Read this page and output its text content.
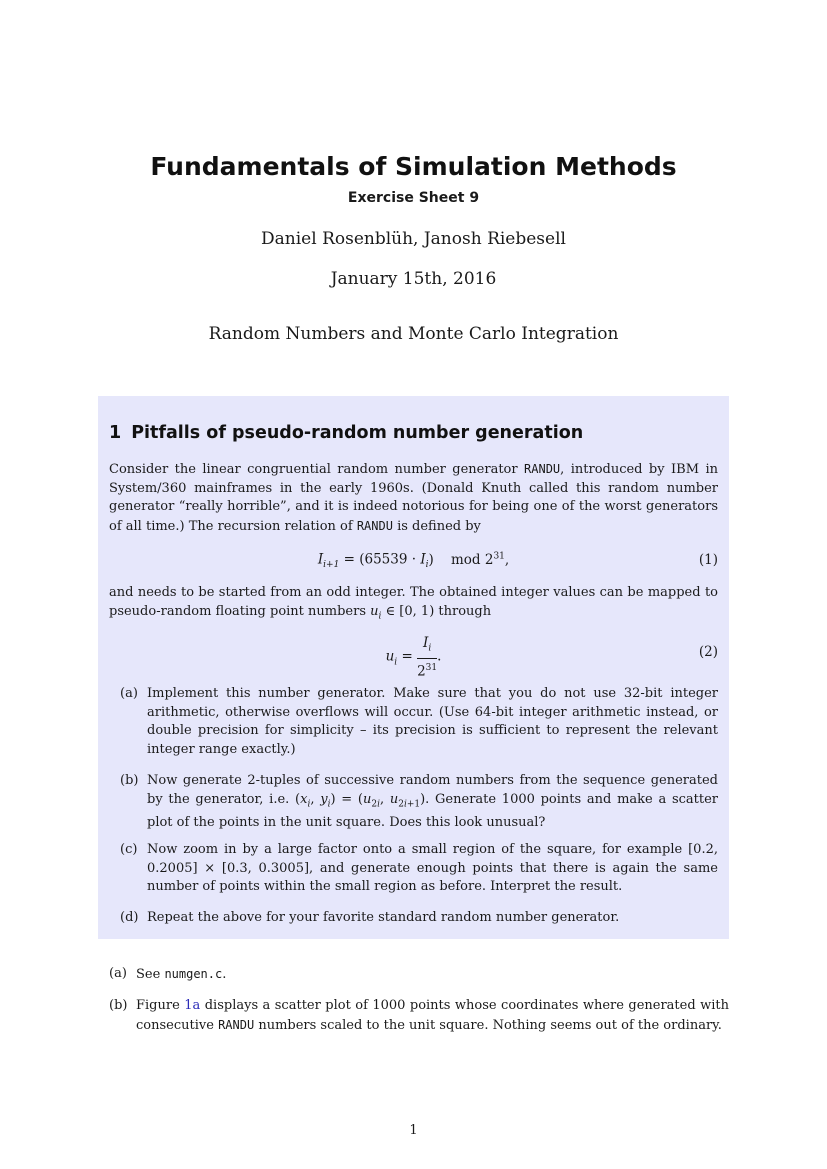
Fundamentals of Simulation Methods
Exercise Sheet 9
Daniel Rosenblüh, Janosh Riebesell
January 15th, 2016
Random Numbers and Monte Carlo Integration
1 Pitfalls of pseudo-random number generation
Consider the linear congruential random number generator RANDU, introduced by IBM in System/360 mainframes in the early 1960s. (Donald Knuth called this random number generator “really horrible”, and it is indeed notorious for being one of the worst generators of all time.) The recursion relation of RANDU is defined by
$I_{i+1} = (65539 \cdot I_i)$    mod $2^{31}$,	(1)
and needs to be started from an odd integer. The obtained integer values can be mapped to pseudo-random floating point numbers $u_i$ ∈ [0, 1) through
$u_i = \frac{I_i}{2^{31}}$ .	(2)
(a) Implement this number generator. Make sure that you do not use 32-bit integer arithmetic, otherwise overflows will occur. (Use 64-bit integer arithmetic instead, or double precision for simplicity – its precision is sufficient to represent the relevant integer range exactly.)
(b) Now generate 2-tuples of successive random numbers from the sequence generated by the generator, i.e. ($x_i$, $y_i) = (u_{2i}$, $u_{2i+1}$). Generate 1000 points and make a scatter plot of the points in the unit square. Does this look unusual?
(c) Now zoom in by a large factor onto a small region of the square, for example [0.2, 0.2005] × [0.3, 0.3005], and generate enough points that there is again the same number of points within the small region as before. Interpret the result.
(d) Repeat the above for your favorite standard random number generator.
(a) See numgen.c.
(b) Figure 1a displays a scatter plot of 1000 points whose coordinates where generated with consecutive RANDU numbers scaled to the unit square. Nothing seems out of the ordinary.
1
